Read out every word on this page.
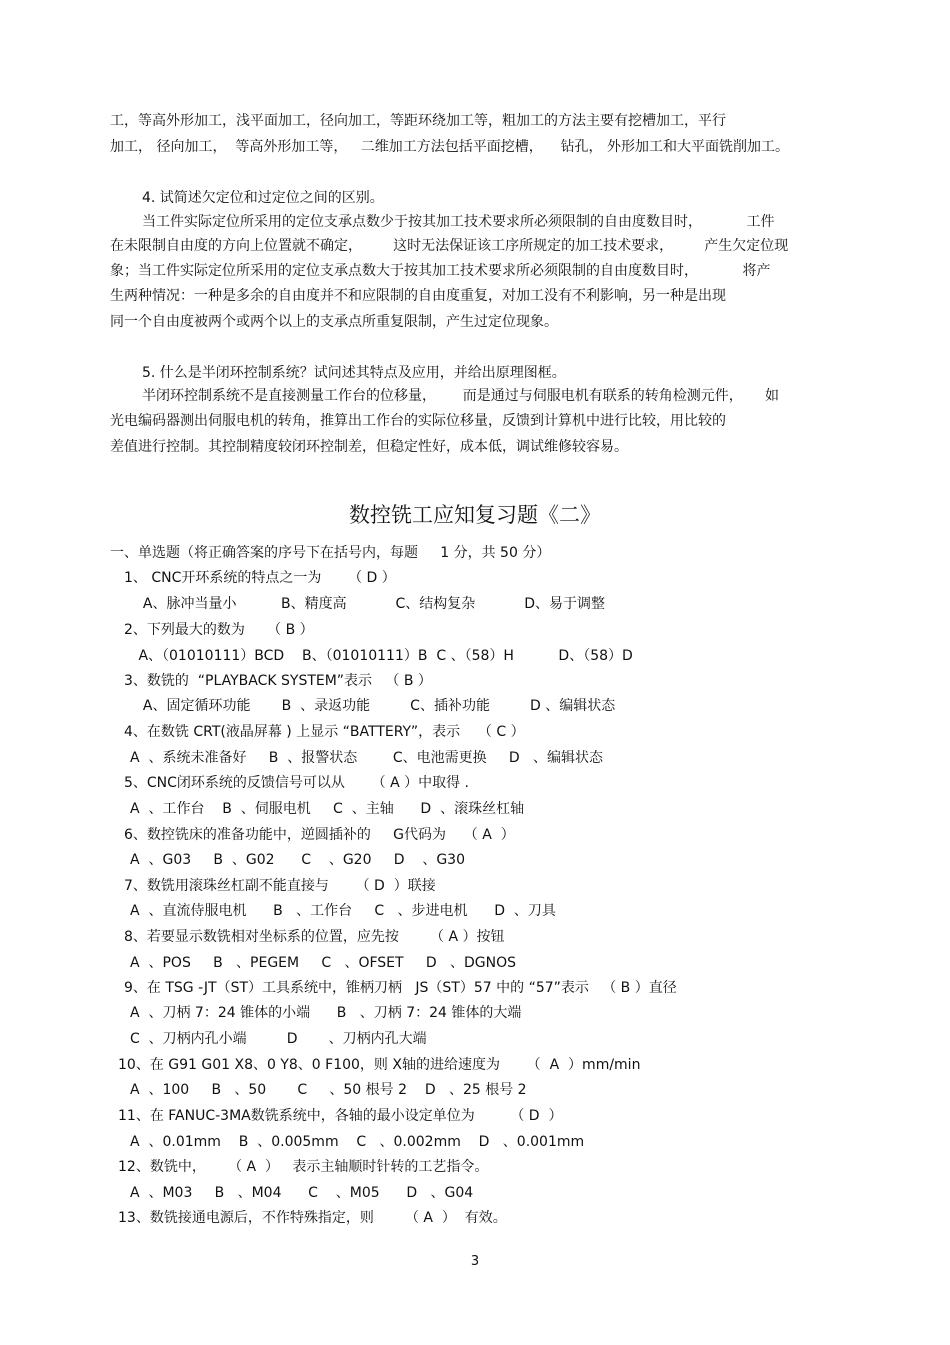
工，等高外形加工，浅平面加工，径向加工，等距环绕加工等，粗加工的方法主要有挖槽加工，平行
加工， 径向加工，  等高外形加工等，   二维加工方法包括平面挖槽，    钻孔， 外形加工和大平面铣削加工。
4. 试简述欠定位和过定位之间的区别。
当工件实际定位所采用的定位支承点数少于按其加工技术要求所必须限制的自由度数目时，          工件
在未限制自由度的方向上位置就不确定，       这时无法保证该工序所规定的加工技术要求，       产生欠定位现
象；当工件实际定位所采用的定位支承点数大于按其加工技术要求所必须限制的自由度数目时，          将产
生两种情况：一种是多余的自由度并不和应限制的自由度重复，对加工没有不利影响，另一种是出现
同一个自由度被两个或两个以上的支承点所重复限制，产生过定位现象。
5. 什么是半闭环控制系统？试问述其特点及应用，并给出原理图框。
半闭环控制系统不是直接测量工作台的位移量，      而是通过与伺服电机有联系的转角检测元件，     如
光电编码器测出伺服电机的转角，推算出工作台的实际位移量，反馈到计算机中进行比较，用比较的
差值进行控制。其控制精度较闭环控制差，但稳定性好，成本低，调试维修较容易。
数控铣工应知复习题《二》
一、单选题（将正确答案的序号下在括号内，每题     1 分，共 50 分）
1、 CNC开环系统的特点之一为      （ D ）
A、脉冲当量小          B、精度高           C、结构复杂           D、易于调整
2、下列最大的数为     （ B ）
A、（01010111）BCD    B、（01010111）B  C 、（58）H          D、（58）D
3、数铣的  “PLAYBACK SYSTEM”表示   （ B ）
A、固定循环功能       B  、录返功能         C、插补功能         D 、编辑状态
4、在数铣 CRT(液晶屏幕 ) 上显示 “BATTERY”，表示    （ C ）
A  、系统未准备好     B  、报警状态        C、电池需更换     D   、编辑状态
5、CNC闭环系统的反馈信号可以从      （ A ）中取得 .
A  、工作台    B  、伺服电机     C  、主轴      D  、滚珠丝杠轴
6、数控铣床的准备功能中，逆圆插补的     G代码为    （ A  ）
A  、G03     B  、G02      C    、G20     D    、G30
7、数铣用滚珠丝杠副不能直接与      （ D  ）联接
A  、直流侍服电机      B   、工作台     C   、步进电机      D  、刀具
8、若要显示数铣相对坐标系的位置，应先按       （ A ）按钮
A  、POS     B   、PEGEM     C   、OFSET     D   、DGNOS
9、在 TSG -JT（ST）工具系统中，锥柄刀柄   JS（ST）57 中的 “57”表示   （ B ）直径
A  、刀柄 7：24 锥体的小端      B   、刀柄 7：24 锥体的大端
C  、刀柄内孔小端         D       、刀柄内孔大端
10、在 G91 G01 X8、0 Y8、0 F100，则 X轴的进给速度为      （  A  ）mm/min
A  、100     B   、50       C     、50 根号 2    D   、25 根号 2
11、在 FANUC-3MA数铣系统中，各轴的最小设定单位为        （ D  ）
A  、0.01mm    B  、0.005mm    C   、0.002mm    D   、0.001mm
12、数铣中，     （ A  ）   表示主轴顺时针转的工艺指令。
A  、M03     B   、M04      C    、M05      D   、G04
13、数铣接通电源后，不作特殊指定，则       （ A  ）  有效。
3
